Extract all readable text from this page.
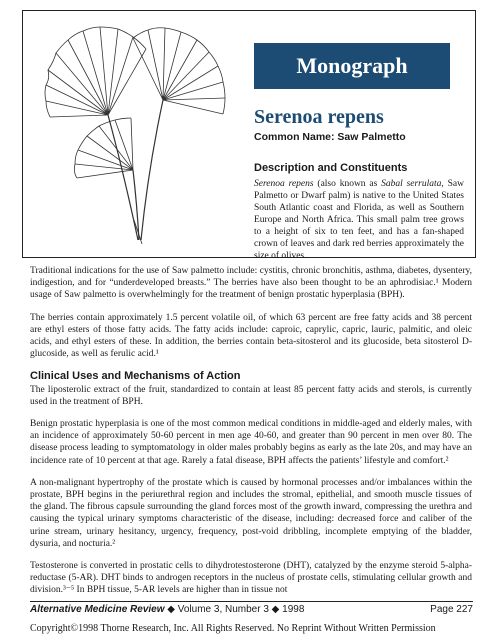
Monograph
Serenoa repens
Common Name: Saw Palmetto
Description and Constituents

Serenoa repens (also known as Sabal serrulata, Saw Palmetto or Dwarf palm) is native to the United States South Atlantic coast and Florida, as well as Southern Europe and North Africa. This small palm tree grows to a height of six to ten feet, and has a fan-shaped crown of leaves and dark red berries approximately the size of olives.

Traditional indications for the use of Saw palmetto include: cystitis, chronic bronchitis, asthma, diabetes, dysentery, indigestion, and for “underdeveloped breasts.” The berries have also been thought to be an aphrodisiac.¹ Modern usage of Saw palmetto is overwhelmingly for the treatment of benign prostatic hyperplasia (BPH).

The berries contain approximately 1.5 percent volatile oil, of which 63 percent are free fatty acids and 38 percent are ethyl esters of those fatty acids. The fatty acids include: caproic, caprylic, capric, lauric, palmitic, and oleic acids, and ethyl esters of these. In addition, the berries contain beta-sitosterol and its glucoside, beta sitosterol D-glucoside, as well as ferulic acid.¹

Clinical Uses and Mechanisms of Action

The liposterolic extract of the fruit, standardized to contain at least 85 percent fatty acids and sterols, is currently used in the treatment of BPH.

Benign prostatic hyperplasia is one of the most common medical conditions in middle-aged and elderly males, with an incidence of approximately 50-60 percent in men age 40-60, and greater than 90 percent in men over 80. The disease process leading to symptomatology in older males probably begins as early as the late 20s, and may have an incidence rate of 10 percent at that age. Rarely a fatal disease, BPH affects the patients’ lifestyle and comfort.²

A non-malignant hypertrophy of the prostate which is caused by hormonal processes and/or imbalances within the prostate, BPH begins in the periurethral region and includes the stromal, epithelial, and smooth muscle tissues of the gland. The fibrous capsule surrounding the gland forces most of the growth inward, compressing the urethra and causing the typical urinary symptoms characteristic of the disease, including: decreased force and caliber of the urine stream, urinary hesitancy, urgency, frequency, post-void dribbling, incomplete emptying of the bladder, dysuria, and nocturia.²

Testosterone is converted in prostatic cells to dihydrotestosterone (DHT), catalyzed by the enzyme steroid 5-alpha-reductase (5-AR). DHT binds to androgen receptors in the nucleus of prostate cells, stimulating cellular growth and division.³⁻⁵ In BPH tissue, 5-AR levels are higher than in tissue not

Alternative Medicine Review ◆ Volume 3, Number 3 ◆ 1998	Page 227
Copyright©1998 Thorne Research, Inc. All Rights Reserved. No Reprint Without Written Permission
